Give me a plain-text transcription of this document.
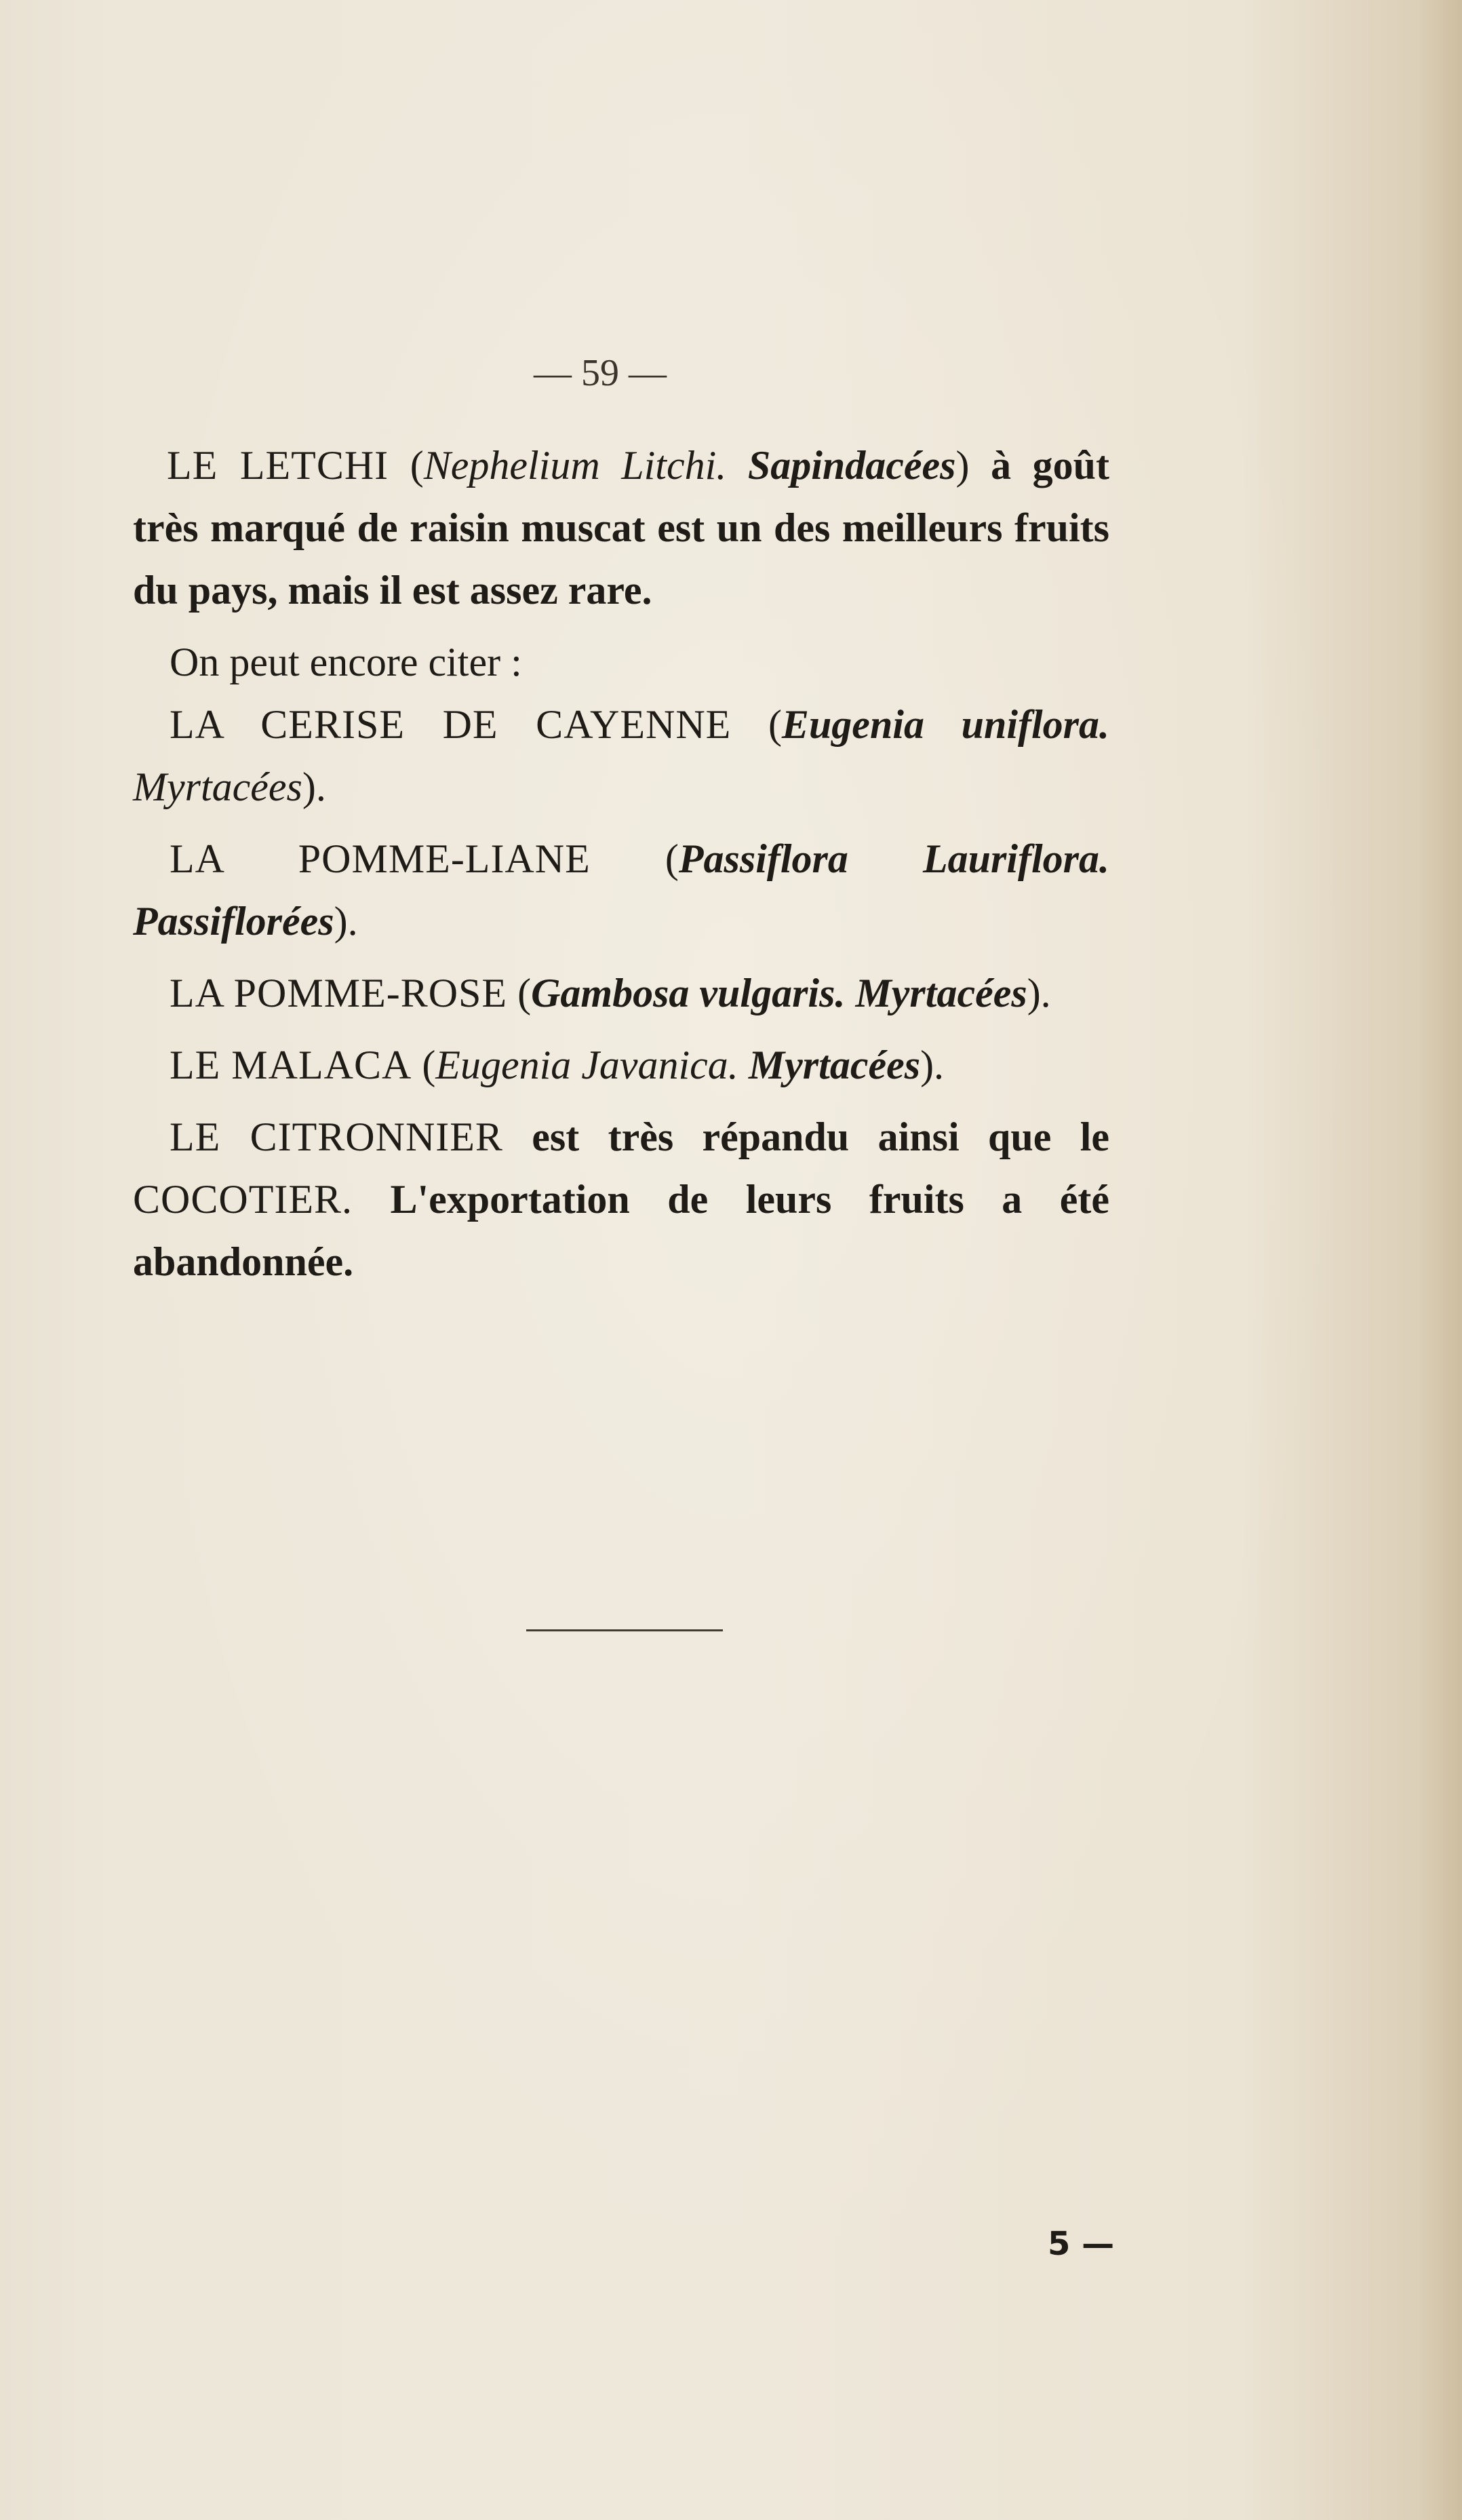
— 59 —

LE LETCHI (Nephelium Litchi. Sapindacées) à goût très marqué de raisin muscat est un des meilleurs fruits du pays, mais il est assez rare.

On peut encore citer :

LA CERISE DE CAYENNE (Eugenia uniflora. Myrtacées).

LA POMME-LIANE (Passiflora Lauriflora. Passiflorées).

LA POMME-ROSE (Gambosa vulgaris. Myrtacées).

LE MALACA (Eugenia Javanica. Myrtacées).

LE CITRONNIER est très répandu ainsi que le COCOTIER. L'exportation de leurs fruits a été abandonnée.

5 —
